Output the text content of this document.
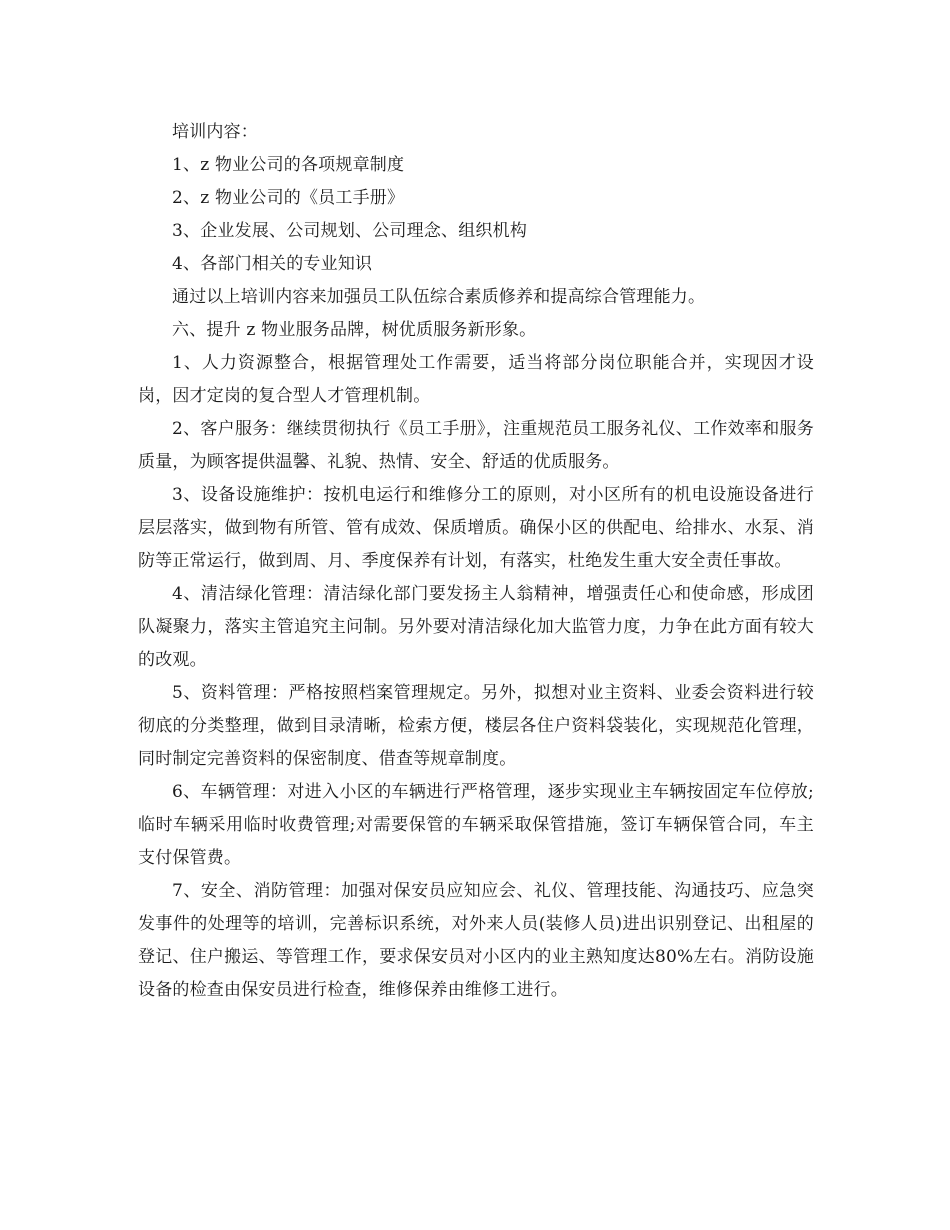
培训内容：

1、z 物业公司的各项规章制度

2、z 物业公司的《员工手册》

3、企业发展、公司规划、公司理念、组织机构

4、各部门相关的专业知识

通过以上培训内容来加强员工队伍综合素质修养和提高综合管理能力。

六、提升 z 物业服务品牌，树优质服务新形象。

1、人力资源整合，根据管理处工作需要，适当将部分岗位职能合并，实现因才设岗，因才定岗的复合型人才管理机制。

2、客户服务：继续贯彻执行《员工手册》，注重规范员工服务礼仪、工作效率和服务质量，为顾客提供温馨、礼貌、热情、安全、舒适的优质服务。

3、设备设施维护：按机电运行和维修分工的原则，对小区所有的机电设施设备进行层层落实，做到物有所管、管有成效、保质增质。确保小区的供配电、给排水、水泵、消防等正常运行，做到周、月、季度保养有计划，有落实，杜绝发生重大安全责任事故。

4、清洁绿化管理：清洁绿化部门要发扬主人翁精神，增强责任心和使命感，形成团队凝聚力，落实主管追究主问制。另外要对清洁绿化加大监管力度，力争在此方面有较大的改观。

5、资料管理：严格按照档案管理规定。另外，拟想对业主资料、业委会资料进行较彻底的分类整理，做到目录清晰，检索方便，楼层各住户资料袋装化，实现规范化管理，同时制定完善资料的保密制度、借查等规章制度。

6、车辆管理：对进入小区的车辆进行严格管理，逐步实现业主车辆按固定车位停放;临时车辆采用临时收费管理;对需要保管的车辆采取保管措施，签订车辆保管合同，车主支付保管费。

7、安全、消防管理：加强对保安员应知应会、礼仪、管理技能、沟通技巧、应急突发事件的处理等的培训，完善标识系统，对外来人员(装修人员)进出识别登记、出租屋的登记、住户搬运、等管理工作，要求保安员对小区内的业主熟知度达80%左右。消防设施设备的检查由保安员进行检查，维修保养由维修工进行。
